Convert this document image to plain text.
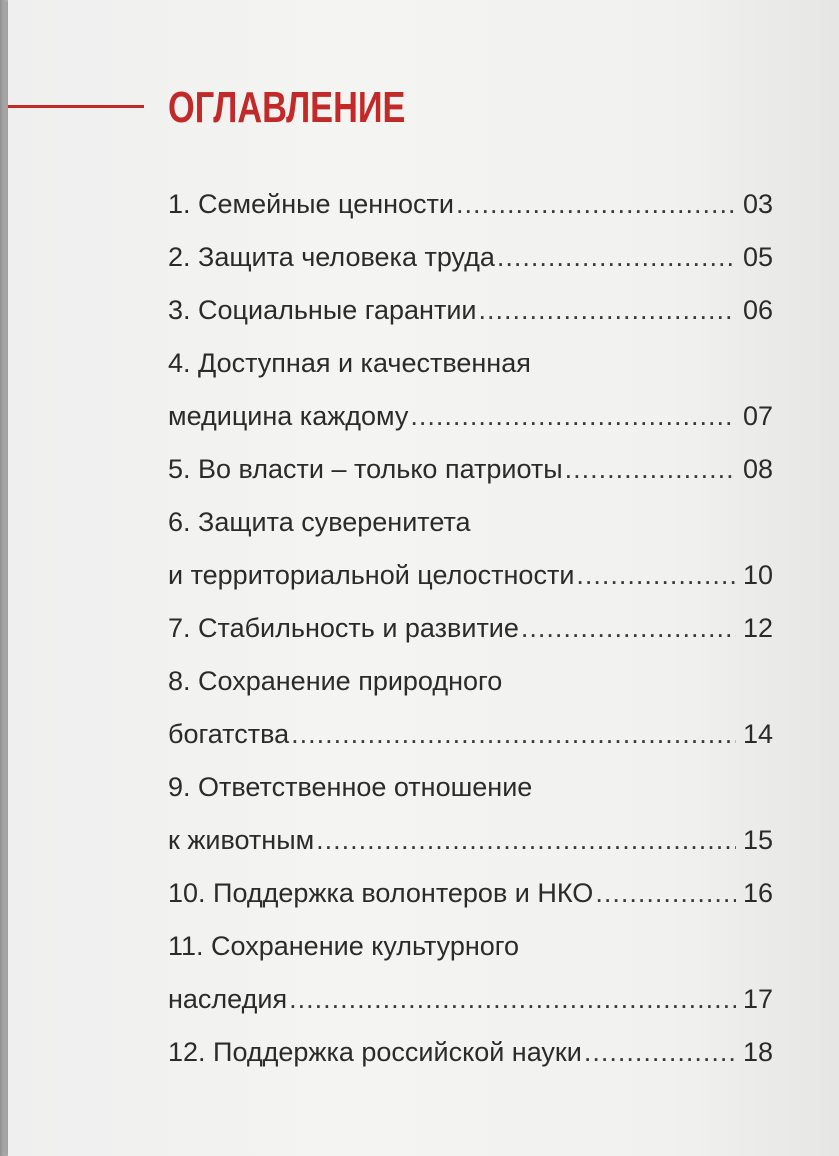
ОГЛАВЛЕНИЕ
1. Семейные ценности .....	03
2. Защита человека труда .....	05
3. Социальные гарантии .....	06
4. Доступная и качественная
медицина каждому .....	07
5. Во власти – только патриоты .....	08
6. Защита суверенитета
и территориальной целостности .....	10
7. Стабильность и развитие .....	12
8. Сохранение природного
богатства .....	14
9. Ответственное отношение
к животным .....	15
10. Поддержка волонтеров и НКО .....	16
11. Сохранение культурного
наследия .....	17
12. Поддержка российской науки .....	18
